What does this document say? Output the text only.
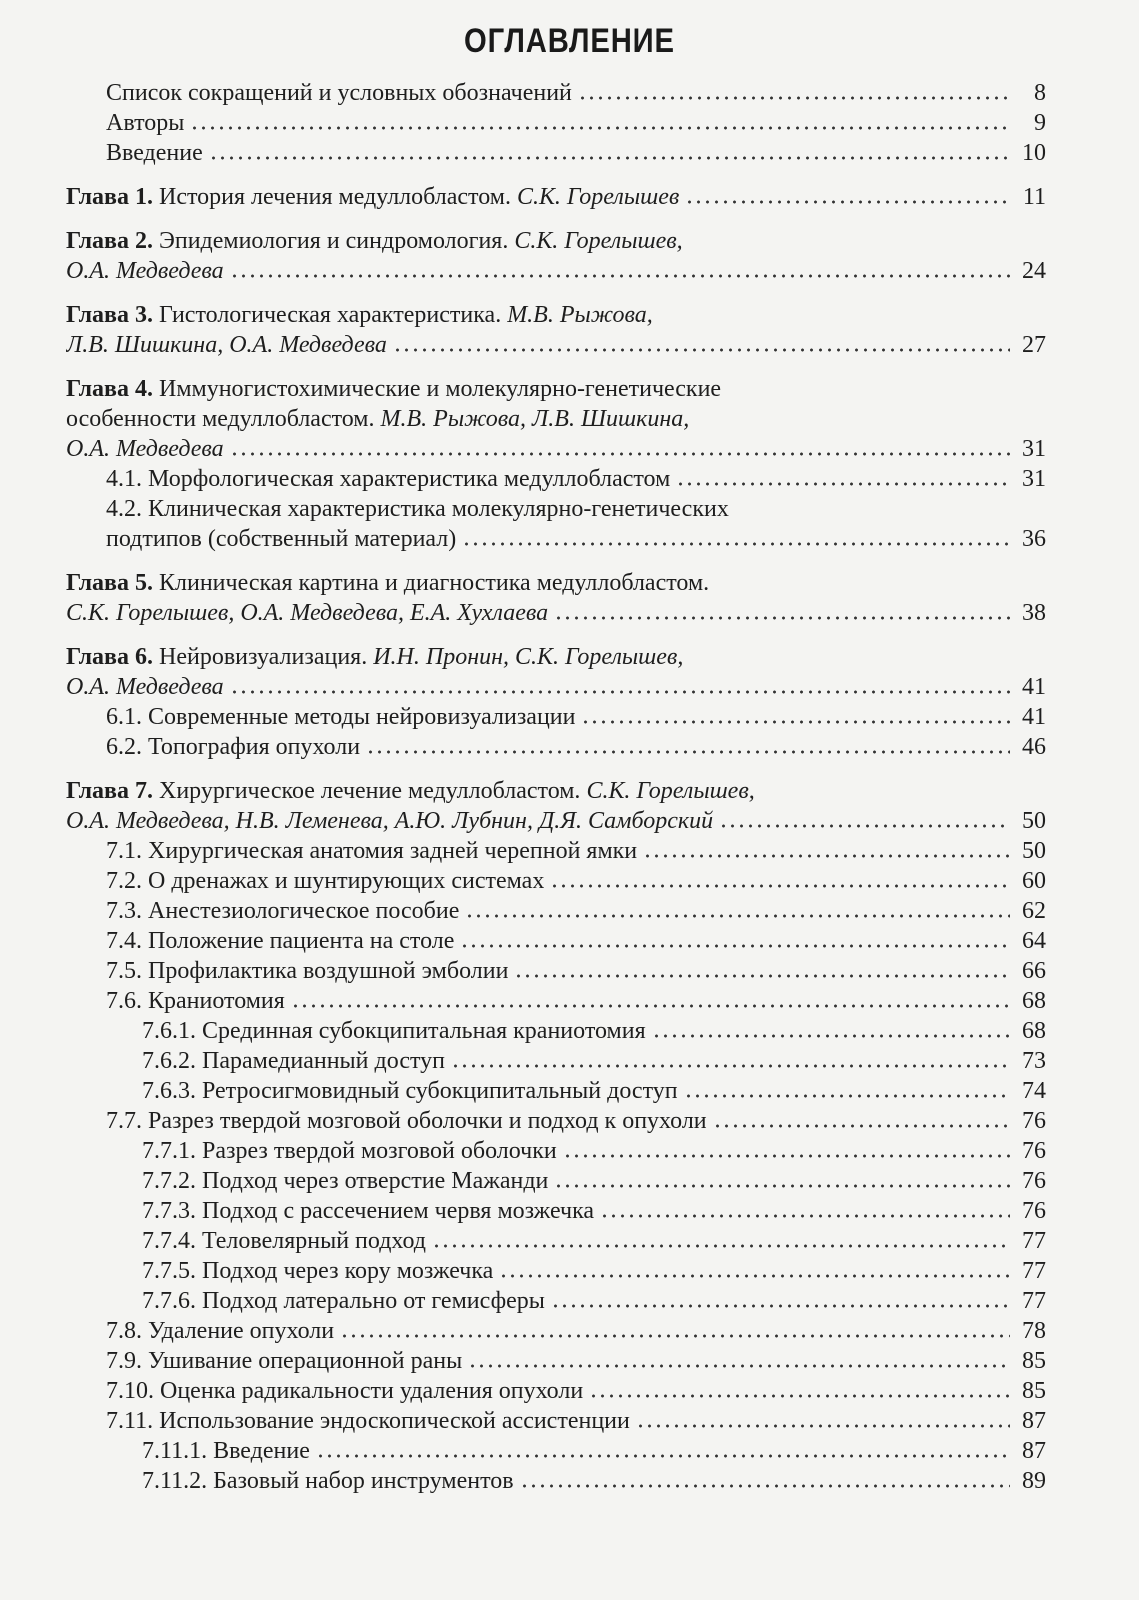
ОГЛАВЛЕНИЕ
Список сокращений и условных обозначений	8
Авторы	9
Введение	10
Глава 1. История лечения медуллобластом. С.К. Горелышев	11
Глава 2. Эпидемиология и синдромология. С.К. Горелышев,
О.А. Медведева	24
Глава 3. Гистологическая характеристика. М.В. Рыжова,
Л.В. Шишкина, О.А. Медведева	27
Глава 4. Иммуногистохимические и молекулярно-генетические
особенности медуллобластом. М.В. Рыжова, Л.В. Шишкина,
О.А. Медведева	31
4.1. Морфологическая характеристика медуллобластом	31
4.2. Клиническая характеристика молекулярно-генетических
подтипов (собственный материал)	36
Глава 5. Клиническая картина и диагностика медуллобластом.
С.К. Горелышев, О.А. Медведева, Е.А. Хухлаева	38
Глава 6. Нейровизуализация. И.Н. Пронин, С.К. Горелышев,
О.А. Медведева	41
6.1. Современные методы нейровизуализации	41
6.2. Топография опухоли	46
Глава 7. Хирургическое лечение медуллобластом. С.К. Горелышев,
О.А. Медведева, Н.В. Леменева, А.Ю. Лубнин, Д.Я. Самборский	50
7.1. Хирургическая анатомия задней черепной ямки	50
7.2. О дренажах и шунтирующих системах	60
7.3. Анестезиологическое пособие	62
7.4. Положение пациента на столе	64
7.5. Профилактика воздушной эмболии	66
7.6. Краниотомия	68
7.6.1. Срединная субокципитальная краниотомия	68
7.6.2. Парамедианный доступ	73
7.6.3. Ретросигмовидный субокципитальный доступ	74
7.7. Разрез твердой мозговой оболочки и подход к опухоли	76
7.7.1. Разрез твердой мозговой оболочки	76
7.7.2. Подход через отверстие Мажанди	76
7.7.3. Подход с рассечением червя мозжечка	76
7.7.4. Теловелярный подход	77
7.7.5. Подход через кору мозжечка	77
7.7.6. Подход латерально от гемисферы	77
7.8. Удаление опухоли	78
7.9. Ушивание операционной раны	85
7.10. Оценка радикальности удаления опухоли	85
7.11. Использование эндоскопической ассистенции	87
7.11.1. Введение	87
7.11.2. Базовый набор инструментов	89
